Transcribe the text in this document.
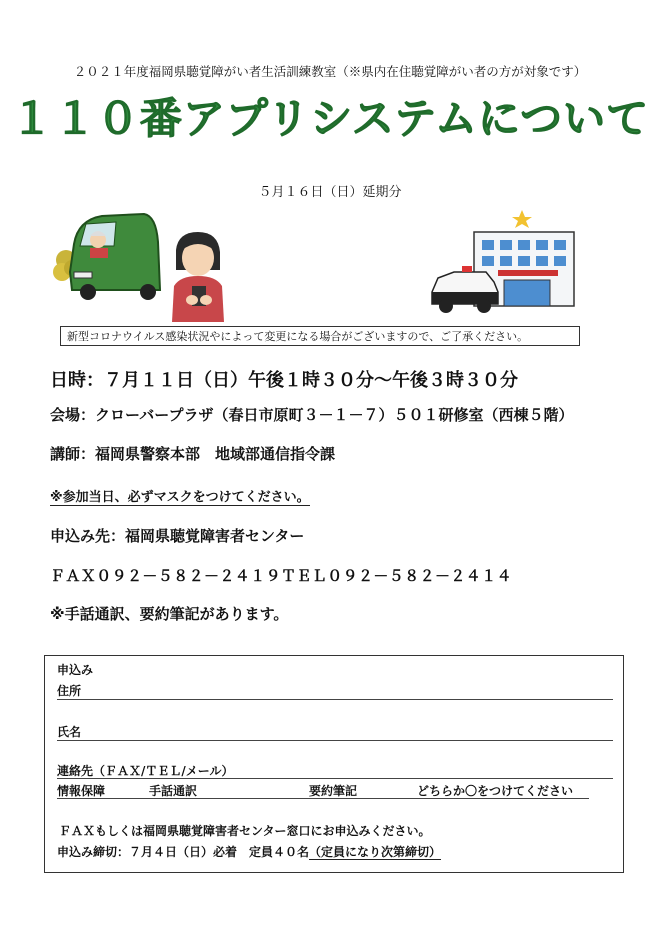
２０２１年度福岡県聴覚障がい者生活訓練教室（※県内在住聴覚障がい者の方が対象です）
１１０番アプリシステムについて
５月１６日（日）延期分
新型コロナウイルス感染状況やによって変更になる場合がございますので、ご了承ください。
日時：７月１１日（日）午後１時３０分～午後３時３０分
会場：クローバープラザ（春日市原町３－１－７）５０１研修室（西棟５階）
講師：福岡県警察本部　地域部通信指令課
※参加当日、必ずマスクをつけてください。
申込み先：福岡県聴覚障害者センター
ＦＡＸ０９２－５８２－２４１９ＴＥＬ０９２－５８２－２４１４
※手話通訳、要約筆記があります。
申込み
住所
氏名
連絡先（ＦＡＸ/ＴＥＬ/メール）
情報保障	手話通訳	要約筆記	どちらか〇をつけてください
ＦＡＸもしくは福岡県聴覚障害者センター窓口にお申込みください。
申込み締切：７月４日（日）必着　定員４０名（定員になり次第締切）
